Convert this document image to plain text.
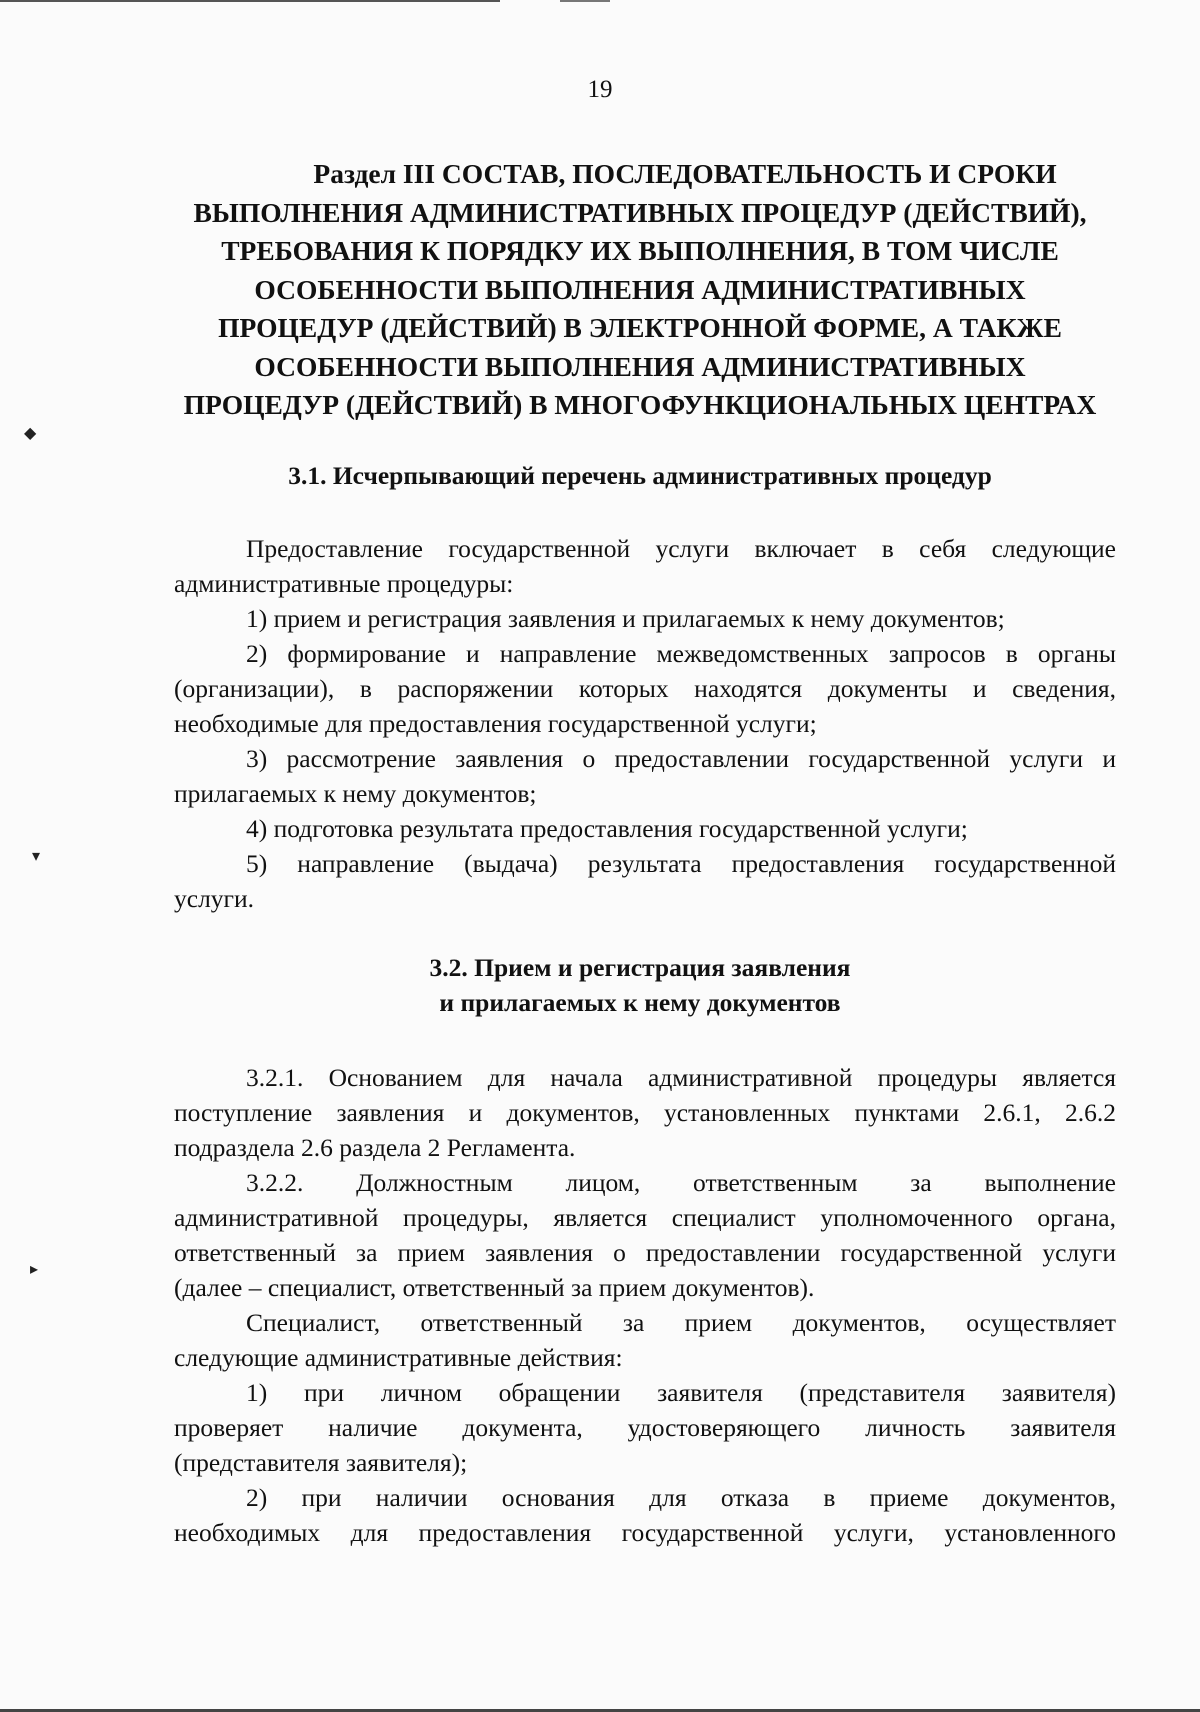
◆
▾
▸
19
Раздел III СОСТАВ, ПОСЛЕДОВАТЕЛЬНОСТЬ И СРОКИ
ВЫПОЛНЕНИЯ АДМИНИСТРАТИВНЫХ ПРОЦЕДУР (ДЕЙСТВИЙ),
ТРЕБОВАНИЯ К ПОРЯДКУ ИХ ВЫПОЛНЕНИЯ, В ТОМ ЧИСЛЕ
ОСОБЕННОСТИ ВЫПОЛНЕНИЯ АДМИНИСТРАТИВНЫХ
ПРОЦЕДУР (ДЕЙСТВИЙ) В ЭЛЕКТРОННОЙ ФОРМЕ, А ТАКЖЕ
ОСОБЕННОСТИ ВЫПОЛНЕНИЯ АДМИНИСТРАТИВНЫХ
ПРОЦЕДУР (ДЕЙСТВИЙ) В МНОГОФУНКЦИОНАЛЬНЫХ ЦЕНТРАХ
3.1. Исчерпывающий перечень административных процедур
Предоставление государственной услуги включает в себя следующие
административные процедуры:
1) прием и регистрация заявления и прилагаемых к нему документов;
2) формирование и направление межведомственных запросов в органы
(организации), в распоряжении которых находятся документы и сведения,
необходимые для предоставления государственной услуги;
3) рассмотрение заявления о предоставлении государственной услуги и
прилагаемых к нему документов;
4) подготовка результата предоставления государственной услуги;
5) направление (выдача) результата предоставления государственной
услуги.
3.2. Прием и регистрация заявления
и прилагаемых к нему документов
3.2.1. Основанием для начала административной процедуры является
поступление заявления и документов, установленных пунктами 2.6.1, 2.6.2
подраздела 2.6 раздела 2 Регламента.
3.2.2. Должностным лицом, ответственным за выполнение
административной процедуры, является специалист уполномоченного органа,
ответственный за прием заявления о предоставлении государственной услуги
(далее – специалист, ответственный за прием документов).
Специалист, ответственный за прием документов, осуществляет
следующие административные действия:
1) при личном обращении заявителя (представителя заявителя)
проверяет наличие документа, удостоверяющего личность заявителя
(представителя заявителя);
2) при наличии основания для отказа в приеме документов,
необходимых для предоставления государственной услуги, установленного
